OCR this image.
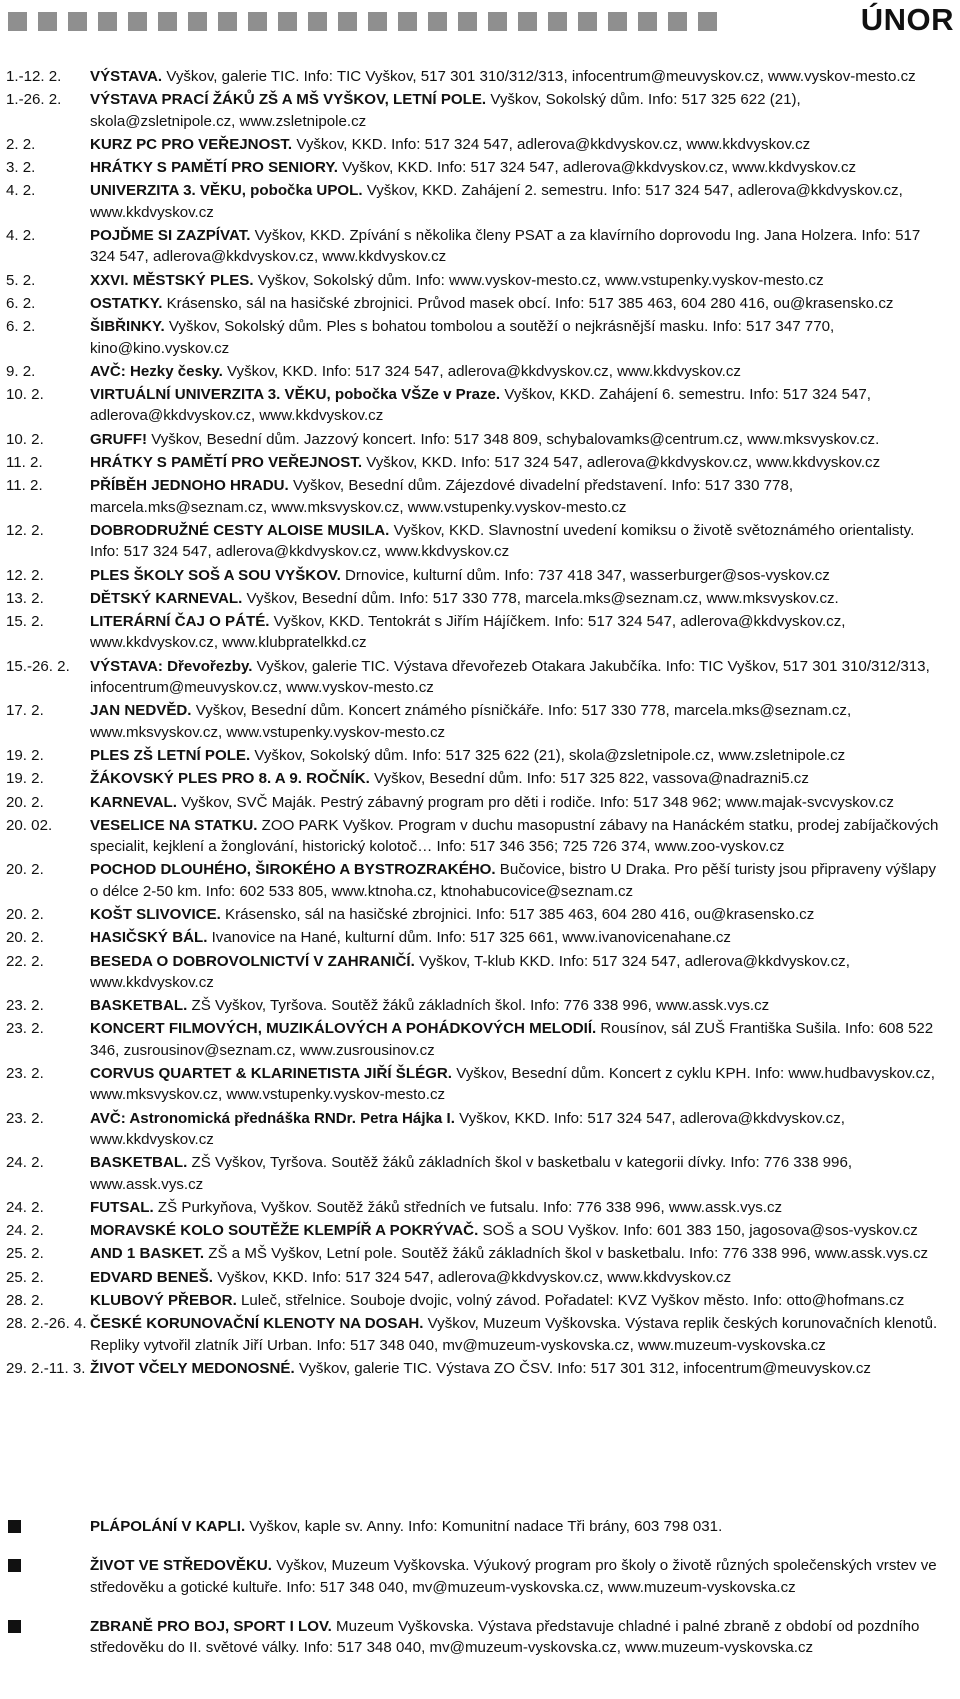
ÚNOR
1.-12. 2.	VÝSTAVA. Vyškov, galerie TIC. Info: TIC Vyškov, 517 301 310/312/313, infocentrum@meuvyskov.cz, www.vyskov-mesto.cz
1.-26. 2.	VÝSTAVA PRACÍ ŽÁKŮ ZŠ A MŠ VYŠKOV, LETNÍ POLE. Vyškov, Sokolský dům. Info: 517 325 622 (21), skola@zsletnipole.cz, www.zsletnipole.cz
2. 2.	KURZ PC PRO VEŘEJNOST. Vyškov, KKD. Info: 517 324 547, adlerova@kkdvyskov.cz, www.kkdvyskov.cz
3. 2.	HRÁTKY S PAMĚTÍ PRO SENIORY. Vyškov, KKD. Info: 517 324 547, adlerova@kkdvyskov.cz, www.kkdvyskov.cz
4. 2.	UNIVERZITA 3. VĚKU, pobočka UPOL. Vyškov, KKD. Zahájení 2. semestru. Info: 517 324 547, adlerova@kkdvyskov.cz, www.kkdvyskov.cz
4. 2.	POJĎME SI ZAZPÍVAT. Vyškov, KKD. Zpívání s několika členy PSAT a za klavírního doprovodu Ing. Jana Holzera. Info: 517 324 547, adlerova@kkdvyskov.cz, www.kkdvyskov.cz
5. 2.	XXVI. MĚSTSKÝ PLES. Vyškov, Sokolský dům. Info: www.vyskov-mesto.cz, www.vstupenky.vyskov-mesto.cz
6. 2.	OSTATKY. Krásensko, sál na hasičské zbrojnici. Průvod masek obcí. Info: 517 385 463, 604 280 416, ou@krasensko.cz
6. 2.	ŠIBŘINKY. Vyškov, Sokolský dům. Ples s bohatou tombolou a soutěží o nejkrásnější masku. Info: 517 347 770, kino@kino.vyskov.cz
9. 2.	AVČ: Hezky česky. Vyškov, KKD. Info: 517 324 547, adlerova@kkdvyskov.cz, www.kkdvyskov.cz
10. 2.	VIRTUÁLNÍ UNIVERZITA 3. VĚKU, pobočka VŠZe v Praze. Vyškov, KKD. Zahájení 6. semestru. Info: 517 324 547, adlerova@kkdvyskov.cz, www.kkdvyskov.cz
10. 2.	GRUFF! Vyškov, Besední dům. Jazzový koncert. Info: 517 348 809, schybalovamks@centrum.cz, www.mksvyskov.cz.
11. 2.	HRÁTKY S PAMĚTÍ PRO VEŘEJNOST. Vyškov, KKD. Info: 517 324 547, adlerova@kkdvyskov.cz, www.kkdvyskov.cz
11. 2.	PŘÍBĚH JEDNOHO HRADU. Vyškov, Besední dům. Zájezdové divadelní představení. Info: 517 330 778, marcela.mks@seznam.cz, www.mksvyskov.cz, www.vstupenky.vyskov-mesto.cz
12. 2.	DOBRODRUŽNÉ CESTY ALOISE MUSILA. Vyškov, KKD. Slavnostní uvedení komiksu o životě světoznámého orientalisty. Info: 517 324 547, adlerova@kkdvyskov.cz, www.kkdvyskov.cz
12. 2.	PLES ŠKOLY SOŠ A SOU VYŠKOV. Drnovice, kulturní dům. Info: 737 418 347, wasserburger@sos-vyskov.cz
13. 2.	DĚTSKÝ KARNEVAL. Vyškov, Besední dům. Info: 517 330 778, marcela.mks@seznam.cz, www.mksvyskov.cz.
15. 2.	LITERÁRNÍ ČAJ O PÁTÉ. Vyškov, KKD. Tentokrát s Jiřím Hájíčkem. Info: 517 324 547, adlerova@kkdvyskov.cz, www.kkdvyskov.cz, www.klubpratelkkd.cz
15.-26. 2.	VÝSTAVA: Dřevořezby. Vyškov, galerie TIC. Výstava dřevořezeb Otakara Jakubčíka. Info: TIC Vyškov, 517 301 310/312/313, infocentrum@meuvyskov.cz, www.vyskov-mesto.cz
17. 2.	JAN NEDVĚD. Vyškov, Besední dům. Koncert známého písničkáře. Info: 517 330 778, marcela.mks@seznam.cz, www.mksvyskov.cz, www.vstupenky.vyskov-mesto.cz
19. 2.	PLES ZŠ LETNÍ POLE. Vyškov, Sokolský dům. Info: 517 325 622 (21), skola@zsletnipole.cz, www.zsletnipole.cz
19. 2.	ŽÁKOVSKÝ PLES PRO 8. A 9. ROČNÍK. Vyškov, Besední dům. Info: 517 325 822, vassova@nadrazni5.cz
20. 2.	KARNEVAL. Vyškov, SVČ Maják. Pestrý zábavný program pro děti i rodiče. Info: 517 348 962; www.majak-svcvyskov.cz
20. 02.	VESELICE NA STATKU. ZOO PARK Vyškov. Program v duchu masopustní zábavy na Hanáckém statku, prodej zabíjačkových specialit, kejklení a žonglování, historický kolotoč… Info: 517 346 356; 725 726 374, www.zoo-vyskov.cz
20. 2.	POCHOD DLOUHÉHO, ŠIROKÉHO A BYSTROZRAKÉHO. Bučovice, bistro U Draka. Pro pěší turisty jsou připraveny výšlapy o délce 2-50 km. Info: 602 533 805, www.ktnoha.cz, ktnohabucovice@seznam.cz
20. 2.	KOŠT SLIVOVICE. Krásensko, sál na hasičské zbrojnici. Info: 517 385 463, 604 280 416, ou@krasensko.cz
20. 2.	HASIČSKÝ BÁL. Ivanovice na Hané, kulturní dům. Info: 517 325 661, www.ivanovicenahane.cz
22. 2.	BESEDA O DOBROVOLNICTVÍ V ZAHRANIČÍ. Vyškov, T-klub KKD. Info: 517 324 547, adlerova@kkdvyskov.cz, www.kkdvyskov.cz
23. 2.	BASKETBAL. ZŠ Vyškov, Tyršova. Soutěž žáků základních škol. Info: 776 338 996, www.assk.vys.cz
23. 2.	KONCERT FILMOVÝCH, MUZIKÁLOVÝCH A POHÁDKOVÝCH MELODIÍ. Rousínov, sál ZUŠ Františka Sušila. Info: 608 522 346, zusrousinov@seznam.cz, www.zusrousinov.cz
23. 2.	CORVUS QUARTET & KLARINETISTA JIŘÍ ŠLÉGR. Vyškov, Besední dům. Koncert z cyklu KPH. Info: www.hudbavyskov.cz, www.mksvyskov.cz, www.vstupenky.vyskov-mesto.cz
23. 2.	AVČ: Astronomická přednáška RNDr. Petra Hájka I. Vyškov, KKD. Info: 517 324 547, adlerova@kkdvyskov.cz, www.kkdvyskov.cz
24. 2.	BASKETBAL. ZŠ Vyškov, Tyršova. Soutěž žáků základních škol v basketbalu v kategorii dívky. Info: 776 338 996, www.assk.vys.cz
24. 2.	FUTSAL. ZŠ Purkyňova, Vyškov. Soutěž žáků středních ve futsalu. Info: 776 338 996, www.assk.vys.cz
24. 2.	MORAVSKÉ KOLO SOUTĚŽE KLEMPÍŘ A POKRÝVAČ. SOŠ a SOU Vyškov. Info: 601 383 150, jagosova@sos-vyskov.cz
25. 2.	AND 1 BASKET. ZŠ a MŠ Vyškov, Letní pole. Soutěž žáků základních škol v basketbalu. Info: 776 338 996, www.assk.vys.cz
25. 2.	EDVARD BENEŠ. Vyškov, KKD. Info: 517 324 547, adlerova@kkdvyskov.cz, www.kkdvyskov.cz
28. 2.	KLUBOVÝ PŘEBOR. Luleč, střelnice. Souboje dvojic, volný závod. Pořadatel: KVZ Vyškov město. Info: otto@hofmans.cz
28. 2.-26. 4. ČESKÉ KORUNOVAČNÍ KLENOTY NA DOSAH. Vyškov, Muzeum Vyškovska. Výstava replik českých korunovačních klenotů. Repliky vytvořil zlatník Jiří Urban. Info: 517 348 040, mv@muzeum-vyskovska.cz, www.muzeum-vyskovska.cz
29. 2.-11. 3. ŽIVOT VČELY MEDONOSNÉ. Vyškov, galerie TIC. Výstava ZO ČSV. Info: 517 301 312, infocentrum@meuvyskov.cz
PLÁPOLÁNÍ V KAPLI. Vyškov, kaple sv. Anny. Info: Komunitní nadace Tři brány, 603 798 031.
ŽIVOT VE STŘEDOVĚKU. Vyškov, Muzeum Vyškovska. Výukový program pro školy o životě různých společenských vrstev ve středověku a gotické kultuře. Info: 517 348 040, mv@muzeum-vyskovska.cz, www.muzeum-vyskovska.cz
ZBRANĚ PRO BOJ, SPORT I LOV. Muzeum Vyškovska. Výstava představuje chladné i palné zbraně z období od pozdního středověku do II. světové války. Info: 517 348 040, mv@muzeum-vyskovska.cz, www.muzeum-vyskovska.cz
